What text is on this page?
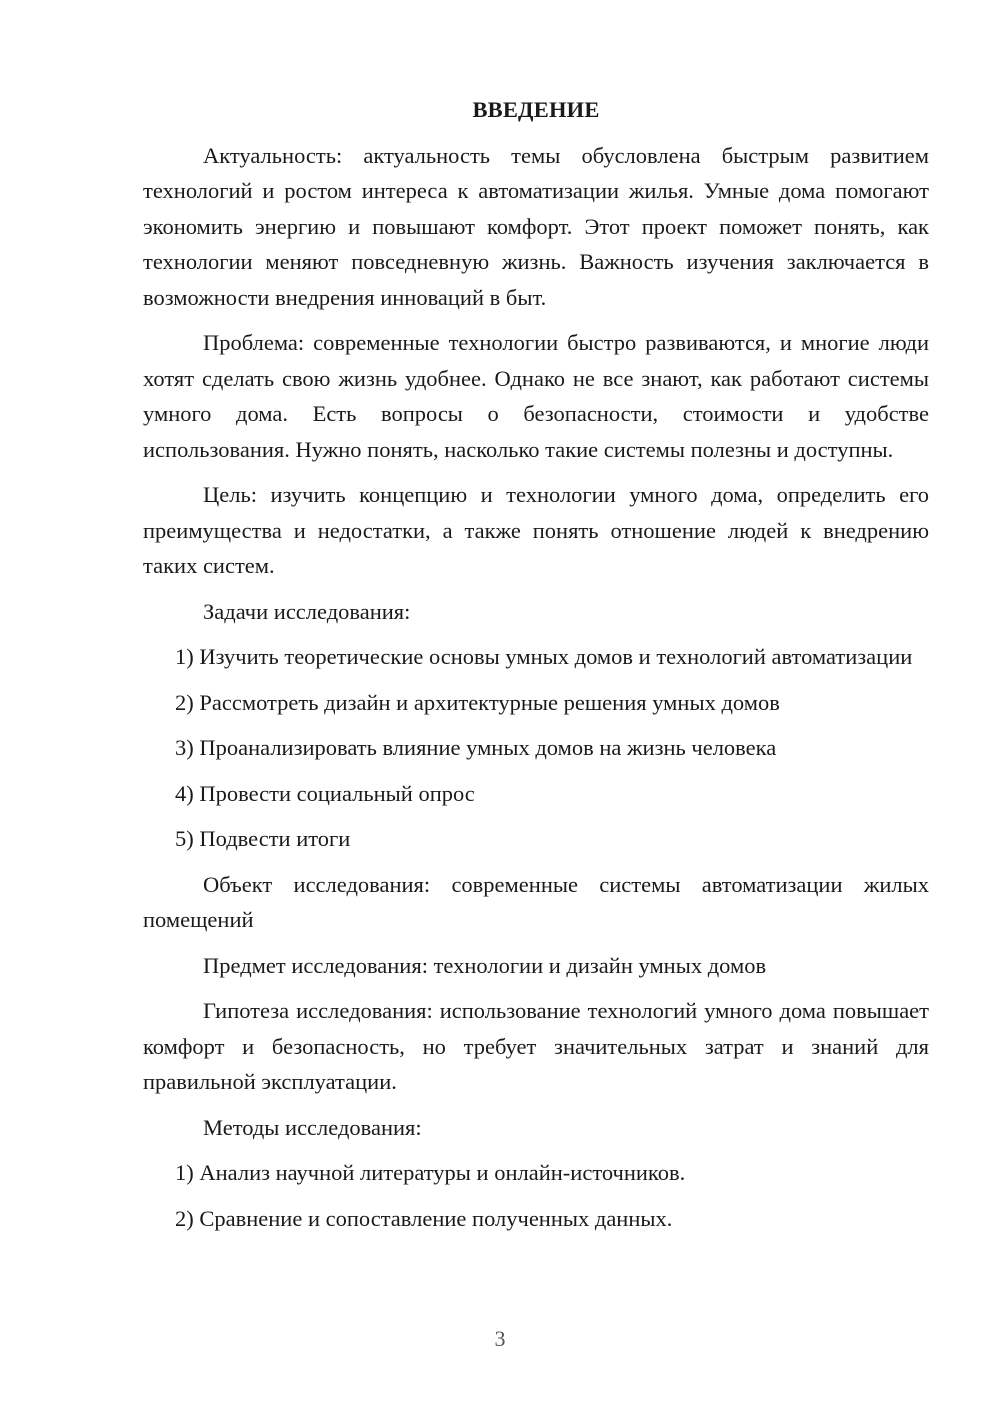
ВВЕДЕНИЕ

Актуальность: актуальность темы обусловлена быстрым развитием технологий и ростом интереса к автоматизации жилья. Умные дома помогают экономить энергию и повышают комфорт. Этот проект поможет понять, как технологии меняют повседневную жизнь. Важность изучения заключается в возможности внедрения инноваций в быт.

Проблема: современные технологии быстро развиваются, и многие люди хотят сделать свою жизнь удобнее. Однако не все знают, как работают системы умного дома. Есть вопросы о безопасности, стоимости и удобстве использования. Нужно понять, насколько такие системы полезны и доступны.

Цель: изучить концепцию и технологии умного дома, определить его преимущества и недостатки, а также понять отношение людей к внедрению таких систем.

Задачи исследования:

1) Изучить теоретические основы умных домов и технологий автоматизации

2) Рассмотреть дизайн и архитектурные решения умных домов

3) Проанализировать влияние умных домов на жизнь человека

4) Провести социальный опрос

5) Подвести итоги

Объект исследования: современные системы автоматизации жилых помещений

Предмет исследования: технологии и дизайн умных домов

Гипотеза исследования: использование технологий умного дома повышает комфорт и безопасность, но требует значительных затрат и знаний для правильной эксплуатации.

Методы исследования:

1) Анализ научной литературы и онлайн-источников.

2) Сравнение и сопоставление полученных данных.

3
